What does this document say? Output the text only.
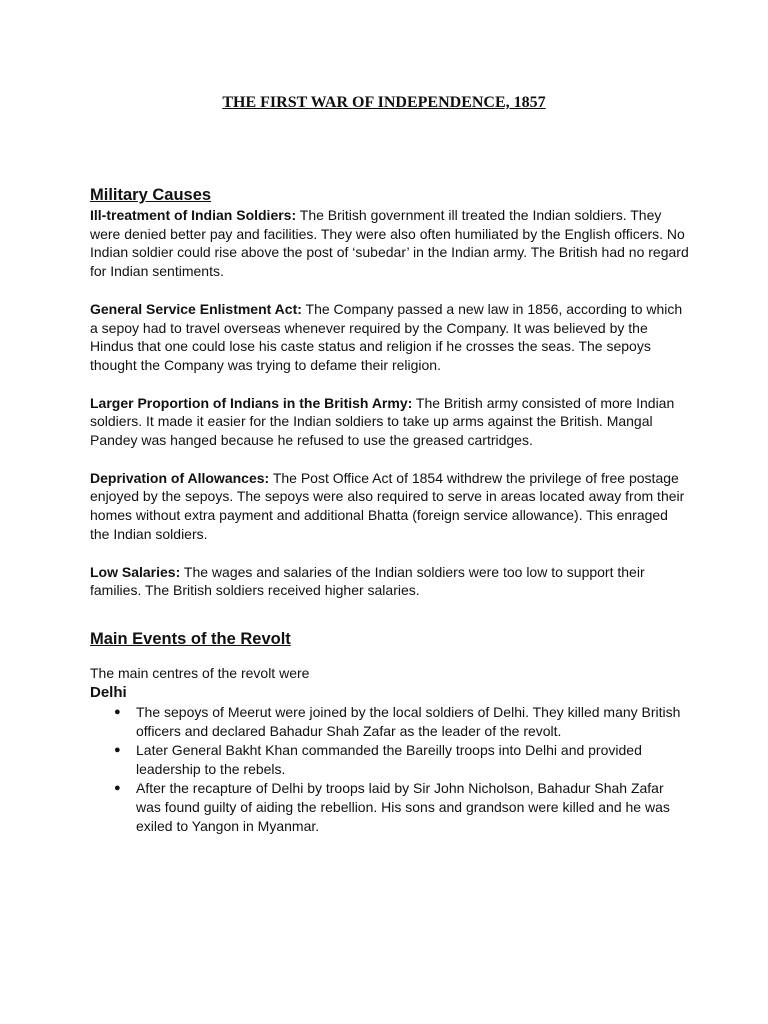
THE FIRST WAR OF INDEPENDENCE, 1857
Military Causes

Ill-treatment of Indian Soldiers: The British government ill treated the Indian soldiers. They were denied better pay and facilities. They were also often humiliated by the English officers. No Indian soldier could rise above the post of ‘subedar’ in the Indian army. The British had no regard for Indian sentiments.

General Service Enlistment Act: The Company passed a new law in 1856, according to which a sepoy had to travel overseas whenever required by the Company. It was believed by the Hindus that one could lose his caste status and religion if he crosses the seas. The sepoys thought the Company was trying to defame their religion.

Larger Proportion of Indians in the British Army: The British army consisted of more Indian soldiers. It made it easier for the Indian soldiers to take up arms against the British. Mangal Pandey was hanged because he refused to use the greased cartridges.

Deprivation of Allowances: The Post Office Act of 1854 withdrew the privilege of free postage enjoyed by the sepoys. The sepoys were also required to serve in areas located away from their homes without extra payment and additional Bhatta (foreign service allowance). This enraged the Indian soldiers.

Low Salaries: The wages and salaries of the Indian soldiers were too low to support their families. The British soldiers received higher salaries.

Main Events of the Revolt

The main centres of the revolt were

Delhi
● The sepoys of Meerut were joined by the local soldiers of Delhi. They killed many British officers and declared Bahadur Shah Zafar as the leader of the revolt.
● Later General Bakht Khan commanded the Bareilly troops into Delhi and provided leadership to the rebels.
● After the recapture of Delhi by troops laid by Sir John Nicholson, Bahadur Shah Zafar was found guilty of aiding the rebellion. His sons and grandson were killed and he was exiled to Yangon in Myanmar.
